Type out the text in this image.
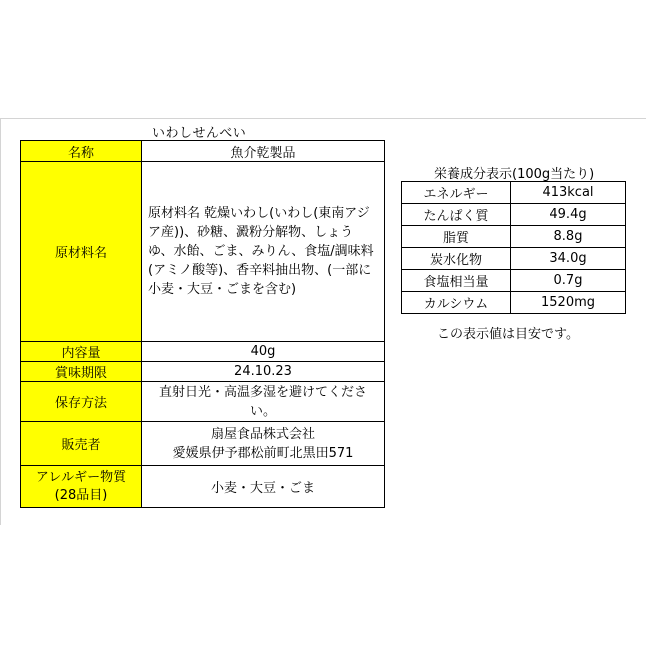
いわしせんべい
名称	魚介乾製品
原材料名	原材料名 乾燥いわし(いわし(東南アジア産))、砂糖、澱粉分解物、しょうゆ、水飴、ごま、みりん、食塩/調味料(アミノ酸等)、香辛料抽出物、(一部に小麦・大豆・ごまを含む)
内容量	40g
賞味期限	24.10.23
保存方法	直射日光・高温多湿を避けてください。
販売者	扇屋食品株式会社
愛媛県伊予郡松前町北黒田571

アレルギー物質
(28品目)	小麦・大豆・ごま
栄養成分表示(100g当たり)
エネルギー	413kcal
たんぱく質	49.4g
脂質	8.8g
炭水化物	34.0g
食塩相当量	0.7g
カルシウム	1520mg
この表示値は目安です。
